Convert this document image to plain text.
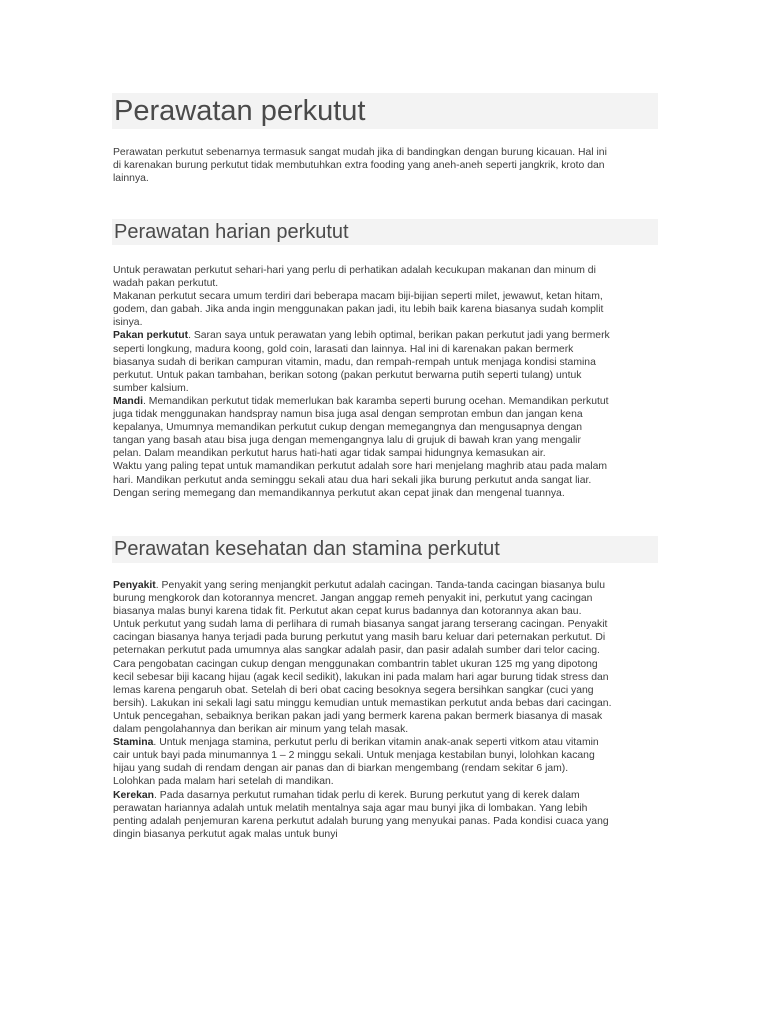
Perawatan perkutut
Perawatan perkutut sebenarnya termasuk sangat mudah jika di bandingkan dengan burung kicauan. Hal ini
di karenakan burung perkutut tidak membutuhkan extra fooding yang aneh-aneh seperti jangkrik, kroto dan
lainnya.
Perawatan harian perkutut
Untuk perawatan perkutut sehari-hari yang perlu di perhatikan adalah kecukupan makanan dan minum di
wadah pakan perkutut.
Makanan perkutut secara umum terdiri dari beberapa macam biji-bijian seperti milet, jewawut, ketan hitam,
godem, dan gabah. Jika anda ingin menggunakan pakan jadi, itu lebih baik karena biasanya sudah komplit
isinya.
Pakan perkutut. Saran saya untuk perawatan yang lebih optimal, berikan pakan perkutut jadi yang bermerk
seperti longkung, madura koong, gold coin, larasati dan lainnya. Hal ini di karenakan pakan bermerk
biasanya sudah di berikan campuran vitamin, madu, dan rempah-rempah untuk menjaga kondisi stamina
perkutut. Untuk pakan tambahan, berikan sotong (pakan perkutut berwarna putih seperti tulang) untuk
sumber kalsium.
Mandi. Memandikan perkutut tidak memerlukan bak karamba seperti burung ocehan. Memandikan perkutut
juga tidak menggunakan handspray namun bisa juga asal dengan semprotan embun dan jangan kena
kepalanya, Umumnya memandikan perkutut cukup dengan memegangnya dan mengusapnya dengan
tangan yang basah atau bisa juga dengan memengangnya lalu di grujuk di bawah kran yang mengalir
pelan. Dalam meandikan perkutut harus hati-hati agar tidak sampai hidungnya kemasukan air.
Waktu yang paling tepat untuk mamandikan perkutut adalah sore hari menjelang maghrib atau pada malam
hari. Mandikan perkutut anda seminggu sekali atau dua hari sekali jika burung perkutut anda sangat liar.
Dengan sering memegang dan memandikannya perkutut akan cepat jinak dan mengenal tuannya.
Perawatan kesehatan dan stamina perkutut
Penyakit. Penyakit yang sering menjangkit perkutut adalah cacingan. Tanda-tanda cacingan biasanya bulu
burung mengkorok dan kotorannya mencret. Jangan anggap remeh penyakit ini, perkutut yang cacingan
biasanya malas bunyi karena tidak fit. Perkutut akan cepat kurus badannya dan kotorannya akan bau.
Untuk perkutut yang sudah lama di perlihara di rumah biasanya sangat jarang terserang cacingan. Penyakit
cacingan biasanya hanya terjadi pada burung perkutut yang masih baru keluar dari peternakan perkutut. Di
peternakan perkutut pada umumnya alas sangkar adalah pasir, dan pasir adalah sumber dari telor cacing.
Cara pengobatan cacingan cukup dengan menggunakan combantrin tablet ukuran 125 mg yang dipotong
kecil sebesar biji kacang hijau (agak kecil sedikit), lakukan ini pada malam hari agar burung tidak stress dan
lemas karena pengaruh obat. Setelah di beri obat cacing besoknya segera bersihkan sangkar (cuci yang
bersih). Lakukan ini sekali lagi satu minggu kemudian untuk memastikan perkutut anda bebas dari cacingan.
Untuk pencegahan, sebaiknya berikan pakan jadi yang bermerk karena pakan bermerk biasanya di masak
dalam pengolahannya dan berikan air minum yang telah masak.
Stamina. Untuk menjaga stamina, perkutut perlu di berikan vitamin anak-anak seperti vitkom atau vitamin
cair untuk bayi pada minumannya 1 – 2 minggu sekali. Untuk menjaga kestabilan bunyi, lolohkan kacang
hijau yang sudah di rendam dengan air panas dan di biarkan mengembang (rendam sekitar 6 jam).
Lolohkan pada malam hari setelah di mandikan.
Kerekan. Pada dasarnya perkutut rumahan tidak perlu di kerek. Burung perkutut yang di kerek dalam
perawatan hariannya adalah untuk melatih mentalnya saja agar mau bunyi jika di lombakan. Yang lebih
penting adalah penjemuran karena perkutut adalah burung yang menyukai panas. Pada kondisi cuaca yang
dingin biasanya perkutut agak malas untuk bunyi
